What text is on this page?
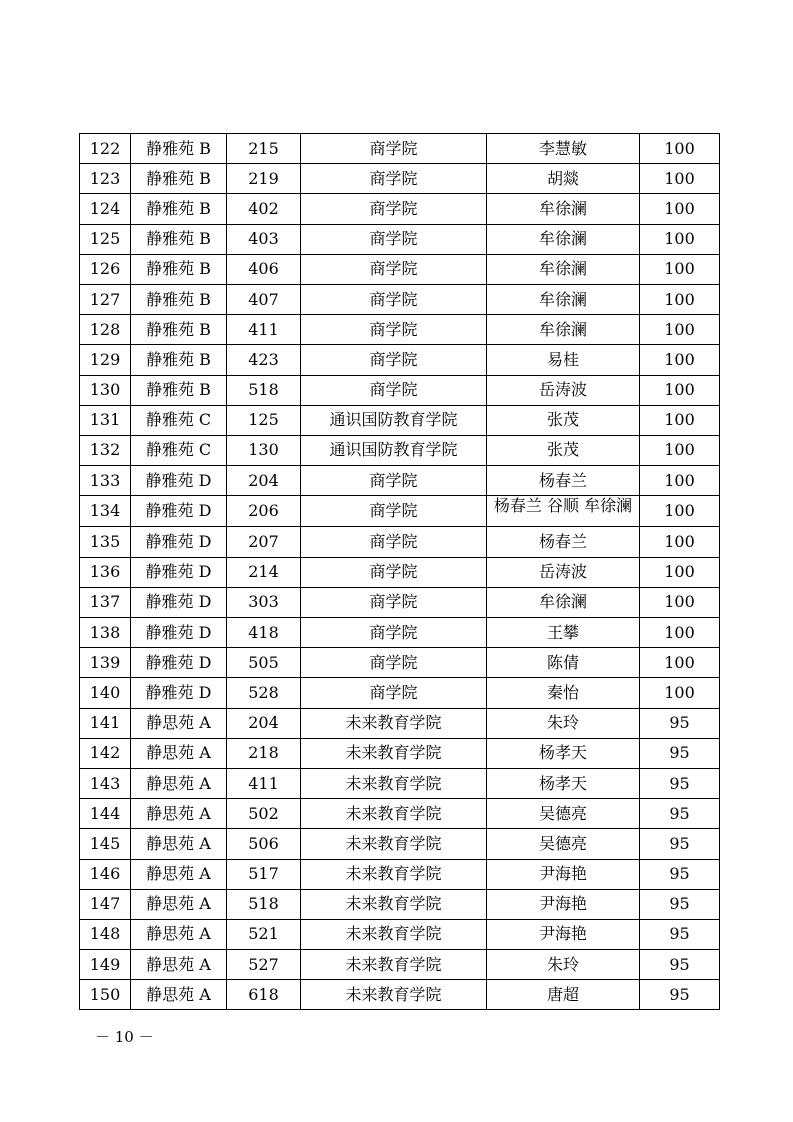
122	静雅苑 B	215	商学院	李慧敏	100
123	静雅苑 B	219	商学院	胡燚	100
124	静雅苑 B	402	商学院	牟徐澜	100
125	静雅苑 B	403	商学院	牟徐澜	100
126	静雅苑 B	406	商学院	牟徐澜	100
127	静雅苑 B	407	商学院	牟徐澜	100
128	静雅苑 B	411	商学院	牟徐澜	100
129	静雅苑 B	423	商学院	易桂	100
130	静雅苑 B	518	商学院	岳涛波	100
131	静雅苑 C	125	通识国防教育学院	张茂	100
132	静雅苑 C	130	通识国防教育学院	张茂	100
133	静雅苑 D	204	商学院	杨春兰	100
134	静雅苑 D	206	商学院	杨春兰 谷顺 牟徐澜	100
135	静雅苑 D	207	商学院	杨春兰	100
136	静雅苑 D	214	商学院	岳涛波	100
137	静雅苑 D	303	商学院	牟徐澜	100
138	静雅苑 D	418	商学院	王攀	100
139	静雅苑 D	505	商学院	陈倩	100
140	静雅苑 D	528	商学院	秦怡	100
141	静思苑 A	204	未来教育学院	朱玲	95
142	静思苑 A	218	未来教育学院	杨孝天	95
143	静思苑 A	411	未来教育学院	杨孝天	95
144	静思苑 A	502	未来教育学院	吴德亮	95
145	静思苑 A	506	未来教育学院	吴德亮	95
146	静思苑 A	517	未来教育学院	尹海艳	95
147	静思苑 A	518	未来教育学院	尹海艳	95
148	静思苑 A	521	未来教育学院	尹海艳	95
149	静思苑 A	527	未来教育学院	朱玲	95
150	静思苑 A	618	未来教育学院	唐超	95
－ 10 －
